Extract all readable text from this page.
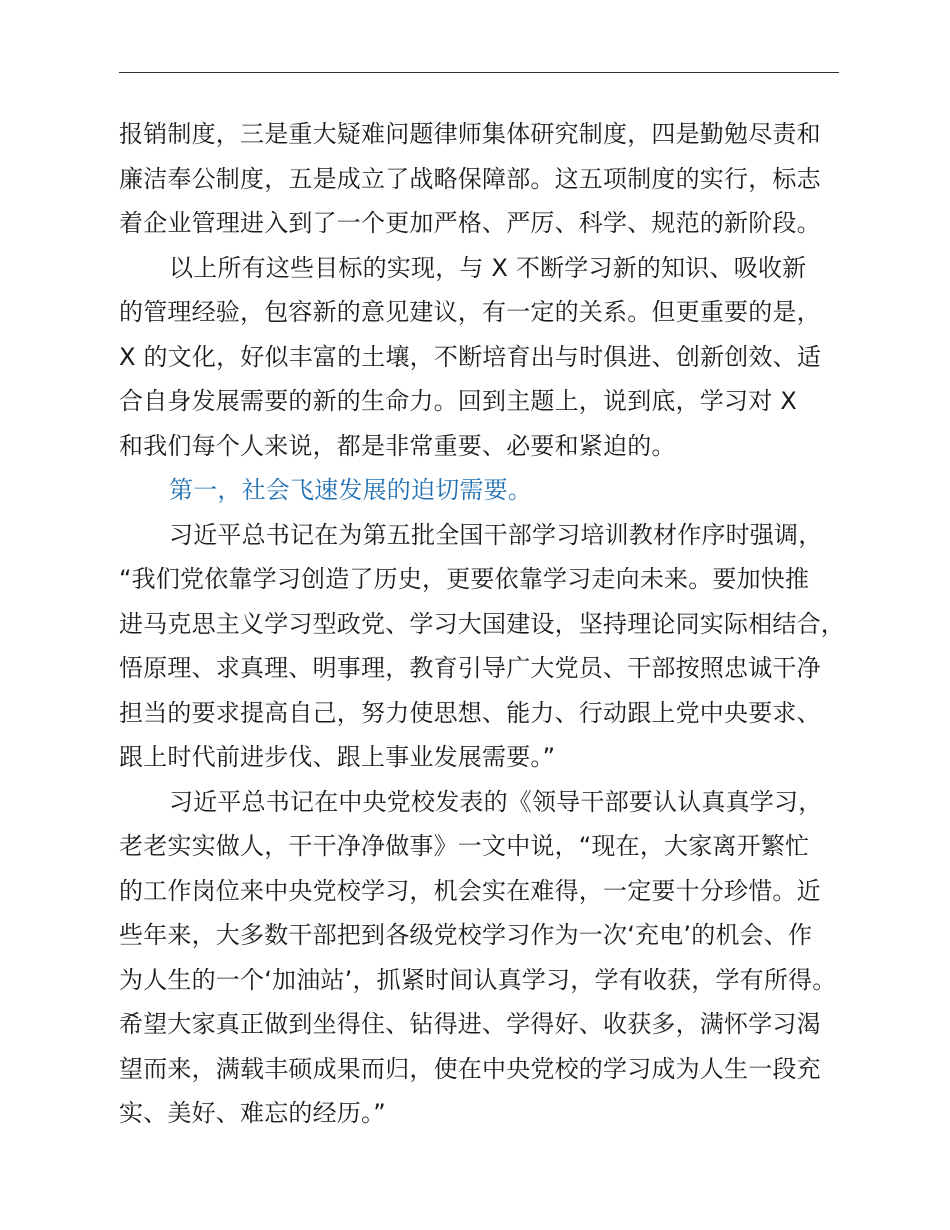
报销制度，三是重大疑难问题律师集体研究制度，四是勤勉尽责和
廉洁奉公制度，五是成立了战略保障部。这五项制度的实行，标志
着企业管理进入到了一个更加严格、严厉、科学、规范的新阶段。
以上所有这些目标的实现，与 X 不断学习新的知识、吸收新
的管理经验，包容新的意见建议，有一定的关系。但更重要的是，
X 的文化，好似丰富的土壤，不断培育出与时俱进、创新创效、适
合自身发展需要的新的生命力。回到主题上，说到底，学习对 X
和我们每个人来说，都是非常重要、必要和紧迫的。
第一，社会飞速发展的迫切需要。
习近平总书记在为第五批全国干部学习培训教材作序时强调，
“我们党依靠学习创造了历史，更要依靠学习走向未来。要加快推
进马克思主义学习型政党、学习大国建设，坚持理论同实际相结合，
悟原理、求真理、明事理，教育引导广大党员、干部按照忠诚干净
担当的要求提高自己，努力使思想、能力、行动跟上党中央要求、
跟上时代前进步伐、跟上事业发展需要。”
习近平总书记在中央党校发表的《领导干部要认认真真学习，
老老实实做人，干干净净做事》一文中说，“现在，大家离开繁忙
的工作岗位来中央党校学习，机会实在难得，一定要十分珍惜。近
些年来，大多数干部把到各级党校学习作为一次‘充电’的机会、作
为人生的一个‘加油站’，抓紧时间认真学习，学有收获，学有所得。
希望大家真正做到坐得住、钻得进、学得好、收获多，满怀学习渴
望而来，满载丰硕成果而归，使在中央党校的学习成为人生一段充
实、美好、难忘的经历。”
